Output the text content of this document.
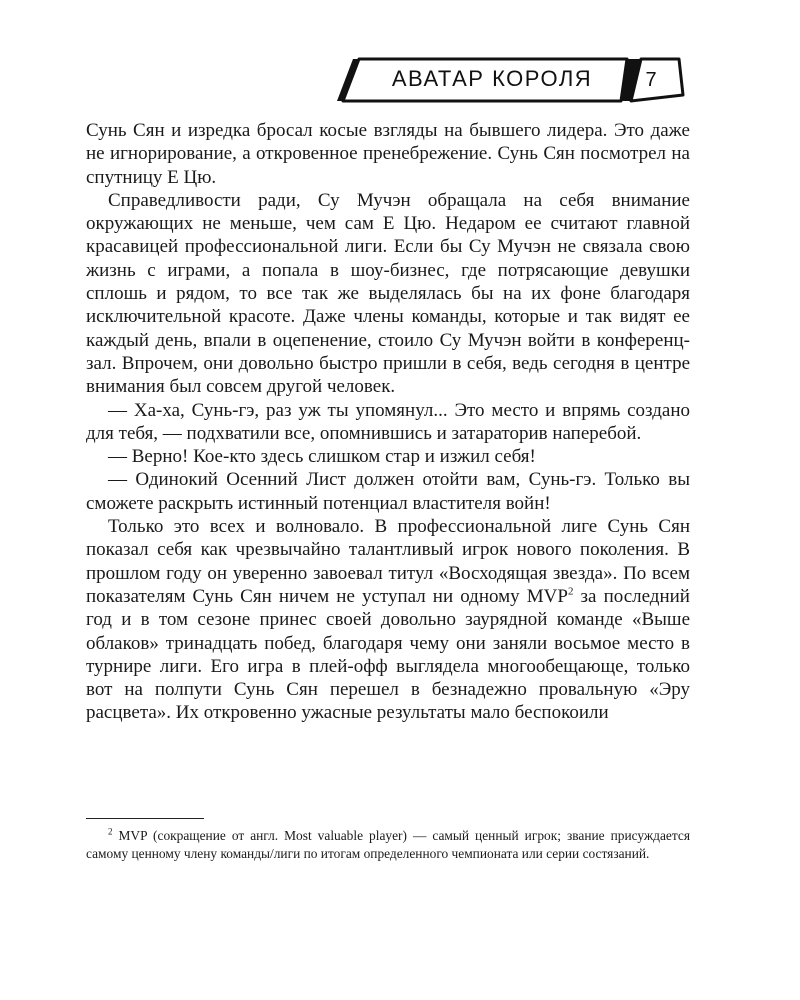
АВАТАР КОРОЛЯ	7

Сунь Сян и изредка бросал косые взгляды на бывшего лидера. Это даже не игнорирование, а откровенное пренебрежение. Сунь Сян посмотрел на спутницу Е Цю.

Справедливости ради, Су Мучэн обращала на себя внимание окружающих не меньше, чем сам Е Цю. Недаром ее считают главной красавицей профессиональной лиги. Если бы Су Мучэн не связала свою жизнь с играми, а попала в шоу-бизнес, где потрясающие девушки сплошь и рядом, то все так же выделялась бы на их фоне благодаря исключительной красоте. Даже члены команды, которые и так видят ее каждый день, впали в оцепенение, стоило Су Мучэн войти в конференц-зал. Впрочем, они довольно быстро пришли в себя, ведь сегодня в центре внимания был совсем другой человек.

— Ха-ха, Сунь-гэ, раз уж ты упомянул... Это место и впрямь создано для тебя, — подхватили все, опомнившись и затараторив наперебой.

— Верно! Кое-кто здесь слишком стар и изжил себя!

— Одинокий Осенний Лист должен отойти вам, Сунь-гэ. Только вы сможете раскрыть истинный потенциал властителя войн!

Только это всех и волновало. В профессиональной лиге Сунь Сян показал себя как чрезвычайно талантливый игрок нового поколения. В прошлом году он уверенно завоевал титул «Восходящая звезда». По всем показателям Сунь Сян ничем не уступал ни одному MVP$^2$ за последний год и в том сезоне принес своей довольно заурядной команде «Выше облаков» тринадцать побед, благодаря чему они заняли восьмое место в турнире лиги. Его игра в плей-офф выглядела многообещающе, только вот на полпути Сунь Сян перешел в безнадежно провальную «Эру расцвета». Их откровенно ужасные результаты мало беспокоили

$^2$ MVP (сокращение от англ. Most valuable player) — самый ценный игрок; звание присуждается самому ценному члену команды/лиги по итогам определенного чемпионата или серии состязаний.
